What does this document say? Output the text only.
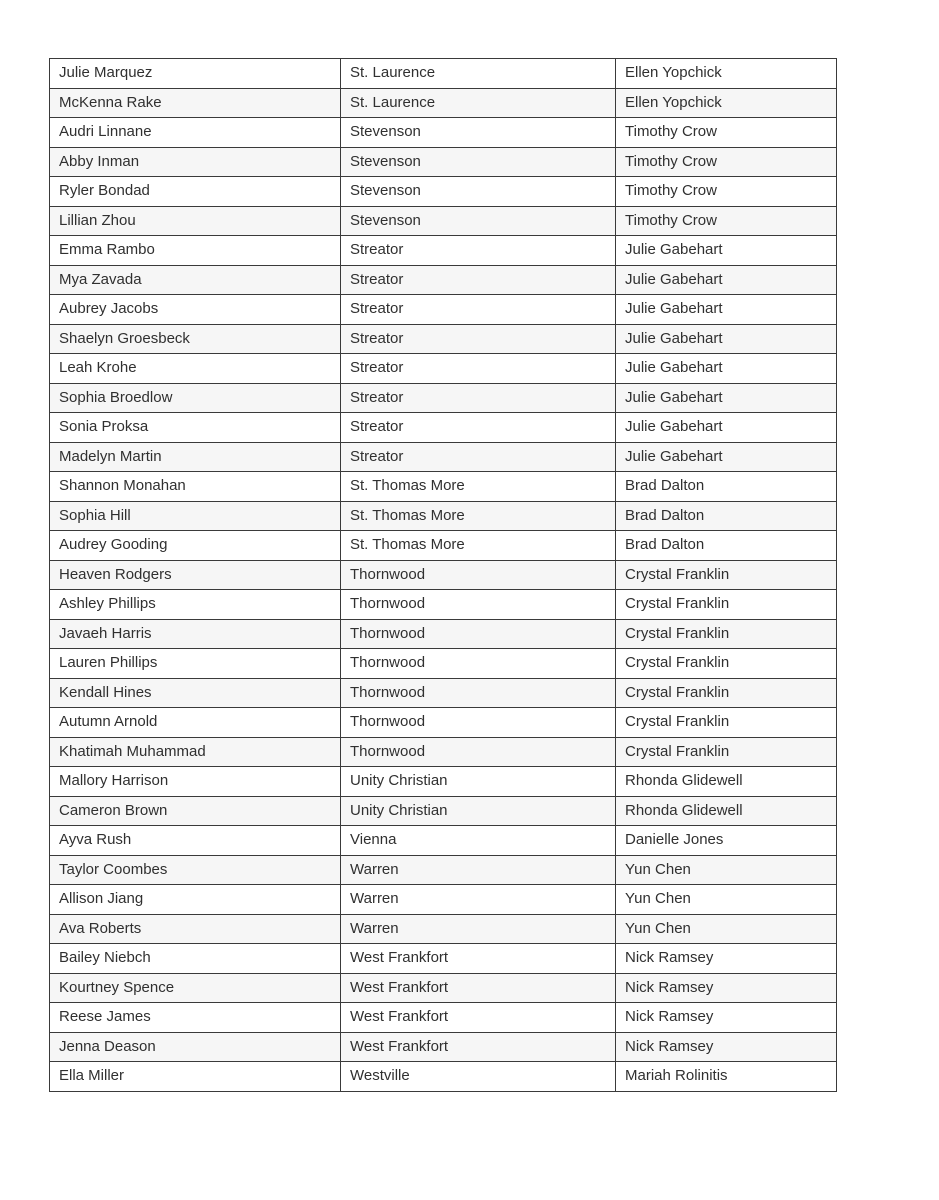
Julie Marquez	St. Laurence	Ellen Yopchick
McKenna Rake	St. Laurence	Ellen Yopchick
Audri Linnane	Stevenson	Timothy Crow
Abby Inman	Stevenson	Timothy Crow
Ryler Bondad	Stevenson	Timothy Crow
Lillian Zhou	Stevenson	Timothy Crow
Emma Rambo	Streator	Julie Gabehart
Mya Zavada	Streator	Julie Gabehart
Aubrey Jacobs	Streator	Julie Gabehart
Shaelyn Groesbeck	Streator	Julie Gabehart
Leah Krohe	Streator	Julie Gabehart
Sophia Broedlow	Streator	Julie Gabehart
Sonia Proksa	Streator	Julie Gabehart
Madelyn Martin	Streator	Julie Gabehart
Shannon Monahan	St. Thomas More	Brad Dalton
Sophia Hill	St. Thomas More	Brad Dalton
Audrey Gooding	St. Thomas More	Brad Dalton
Heaven Rodgers	Thornwood	Crystal Franklin
Ashley Phillips	Thornwood	Crystal Franklin
Javaeh Harris	Thornwood	Crystal Franklin
Lauren Phillips	Thornwood	Crystal Franklin
Kendall Hines	Thornwood	Crystal Franklin
Autumn Arnold	Thornwood	Crystal Franklin
Khatimah Muhammad	Thornwood	Crystal Franklin
Mallory Harrison	Unity Christian	Rhonda Glidewell
Cameron Brown	Unity Christian	Rhonda Glidewell
Ayva Rush	Vienna	Danielle Jones
Taylor Coombes	Warren	Yun Chen
Allison Jiang	Warren	Yun Chen
Ava Roberts	Warren	Yun Chen
Bailey Niebch	West Frankfort	Nick Ramsey
Kourtney Spence	West Frankfort	Nick Ramsey
Reese James	West Frankfort	Nick Ramsey
Jenna Deason	West Frankfort	Nick Ramsey
Ella Miller	Westville	Mariah Rolinitis
